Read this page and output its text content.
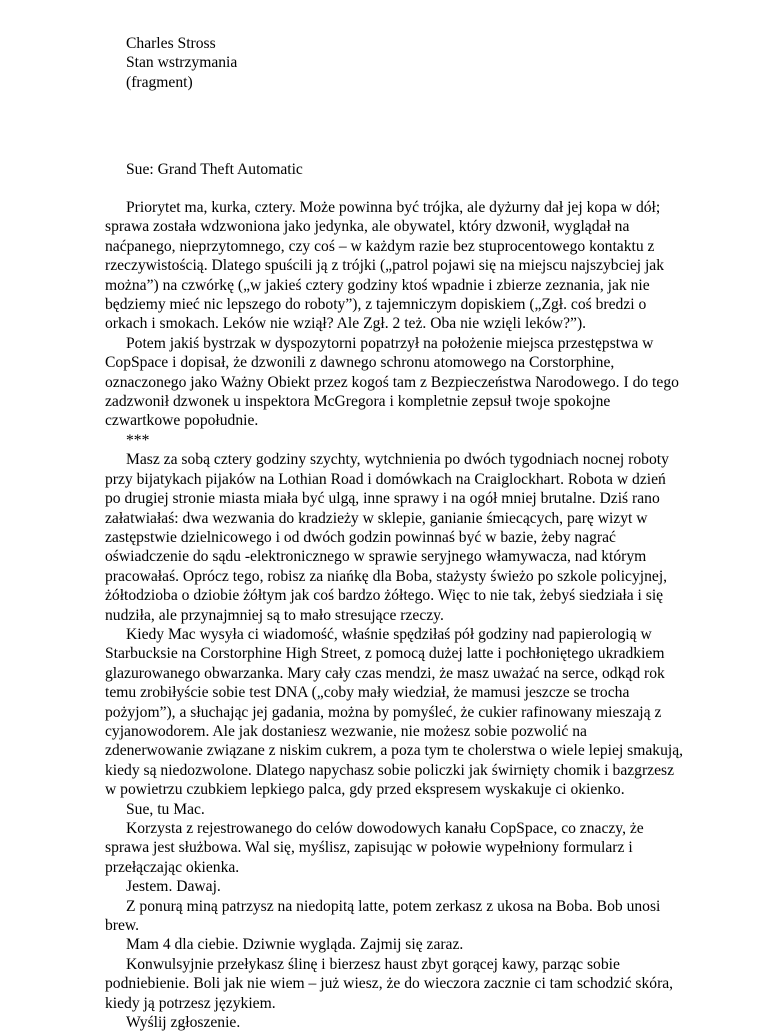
Charles Stross
Stan wstrzymania
(fragment)
Sue: Grand Theft Automatic

Priorytet ma, kurka, cztery. Może powinna być trójka, ale dyżurny dał jej kopa w dół; sprawa została wdzwoniona jako jedynka, ale obywatel, który dzwonił, wyglądał na naćpanego, nieprzytomnego, czy coś – w każdym razie bez stuprocentowego kontaktu z rzeczywistością. Dlatego spuścili ją z trójki („patrol pojawi się na miejscu najszybciej jak można”) na czwórkę („w jakieś cztery godziny ktoś wpadnie i zbierze zeznania, jak nie będziemy mieć nic lepszego do roboty”), z tajemniczym dopiskiem („Zgł. coś bredzi o orkach i smokach. Leków nie wziął? Ale Zgł. 2 też. Oba nie wzięli leków?”).

Potem jakiś bystrzak w dyspozytorni popatrzył na położenie miejsca przestępstwa w CopSpace i dopisał, że dzwonili z dawnego schronu atomowego na Corstorphine, oznaczonego jako Ważny Obiekt przez kogoś tam z Bezpieczeństwa Narodowego. I do tego zadzwonił dzwonek u inspektora McGregora i kompletnie zepsuł twoje spokojne czwartkowe popołudnie.

***

Masz za sobą cztery godziny szychty, wytchnienia po dwóch tygodniach nocnej roboty przy bijatykach pijaków na Lothian Road i domówkach na Craiglockhart. Robota w dzień po drugiej stronie miasta miała być ulgą, inne sprawy i na ogół mniej brutalne. Dziś rano załatwiałaś: dwa wezwania do kradzieży w sklepie, ganianie śmiecących, parę wizyt w zastępstwie dzielnicowego i od dwóch godzin powinnaś być w bazie, żeby nagrać oświadczenie do sądu -elektronicznego w sprawie seryjnego włamywacza, nad którym pracowałaś. Oprócz tego, robisz za niańkę dla Boba, stażysty świeżo po szkole policyjnej, żółtodzioba o dziobie żółtym jak coś bardzo żółtego. Więc to nie tak, żebyś siedziała i się nudziła, ale przynajmniej są to mało stresujące rzeczy.

Kiedy Mac wysyła ci wiadomość, właśnie spędziłaś pół godziny nad papierologią w Starbucksie na Corstorphine High Street, z pomocą dużej latte i pochłoniętego ukradkiem glazurowanego obwarzanka. Mary cały czas mendzi, że masz uważać na serce, odkąd rok temu zrobiłyście sobie test DNA („coby mały wiedział, że mamusi jeszcze se trocha pożyjom”), a słuchając jej gadania, można by pomyśleć, że cukier rafinowany mieszają z cyjanowodorem. Ale jak dostaniesz wezwanie, nie możesz sobie pozwolić na zdenerwowanie związane z niskim cukrem, a poza tym te cholerstwa o wiele lepiej smakują, kiedy są niedozwolone. Dlatego napychasz sobie policzki jak świrnięty chomik i bazgrzesz w powietrzu czubkiem lepkiego palca, gdy przed ekspresem wyskakuje ci okienko.

Sue, tu Mac.

Korzysta z rejestrowanego do celów dowodowych kanału CopSpace, co znaczy, że sprawa jest służbowa. Wal się, myślisz, zapisując w połowie wypełniony formularz i przełączając okienka.

Jestem. Dawaj.

Z ponurą miną patrzysz na niedopitą latte, potem zerkasz z ukosa na Boba. Bob unosi brew.

Mam 4 dla ciebie. Dziwnie wygląda. Zajmij się zaraz.

Konwulsyjnie przełykasz ślinę i bierzesz haust zbyt gorącej kawy, parząc sobie podniebienie. Boli jak nie wiem – już wiesz, że do wieczora zacznie ci tam schodzić skóra, kiedy ją potrzesz językiem.

Wyślij zgłoszenie.
